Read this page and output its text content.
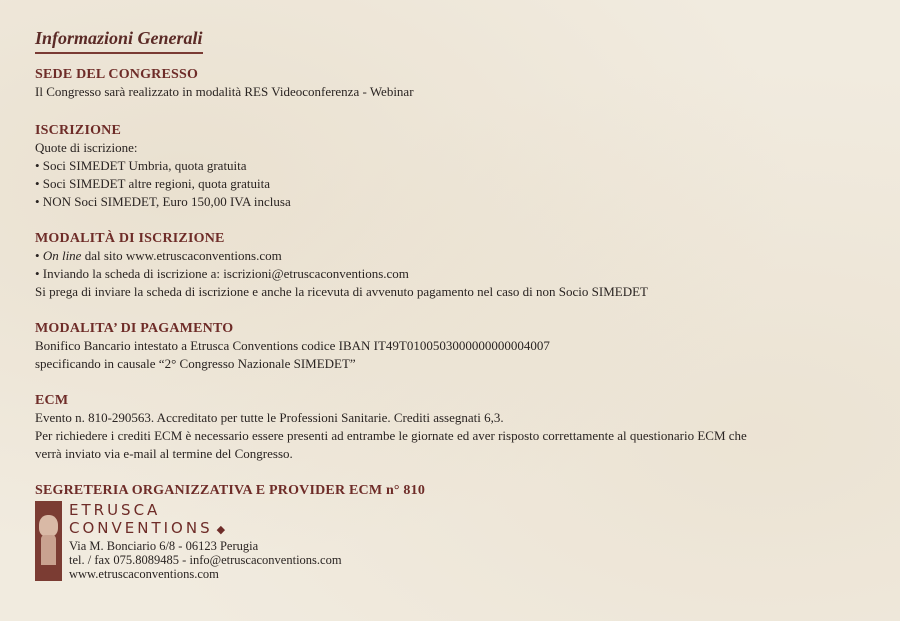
Informazioni Generali
SEDE DEL CONGRESSO
Il Congresso sarà realizzato in modalità RES Videoconferenza - Webinar
ISCRIZIONE
Quote di iscrizione:
• Soci SIMEDET Umbria, quota gratuita
• Soci SIMEDET altre regioni, quota gratuita
• NON Soci SIMEDET, Euro 150,00 IVA inclusa
MODALITÀ DI ISCRIZIONE
• On line dal sito www.etruscaconventions.com
• Inviando la scheda di iscrizione a: iscrizioni@etruscaconventions.com
Si prega di inviare la scheda di iscrizione e anche la ricevuta di avvenuto pagamento nel caso di non Socio SIMEDET
MODALITA’ DI PAGAMENTO
Bonifico Bancario intestato a Etrusca Conventions codice IBAN IT49T0100503000000000004007
specificando in causale “2° Congresso Nazionale SIMEDET”
ECM
Evento n. 810-290563. Accreditato per tutte le Professioni Sanitarie. Crediti assegnati 6,3.
Per richiedere i crediti ECM è necessario essere presenti ad entrambe le giornate ed aver risposto correttamente al questionario ECM che
verrà inviato via e-mail al termine del Congresso.
SEGRETERIA ORGANIZZATIVA E PROVIDER ECM n° 810
ETRUSCA
CONVENTIONS ◆
Via M. Bonciario 6/8 - 06123 Perugia
tel. / fax 075.8089485 - info@etruscaconventions.com
www.etruscaconventions.com
